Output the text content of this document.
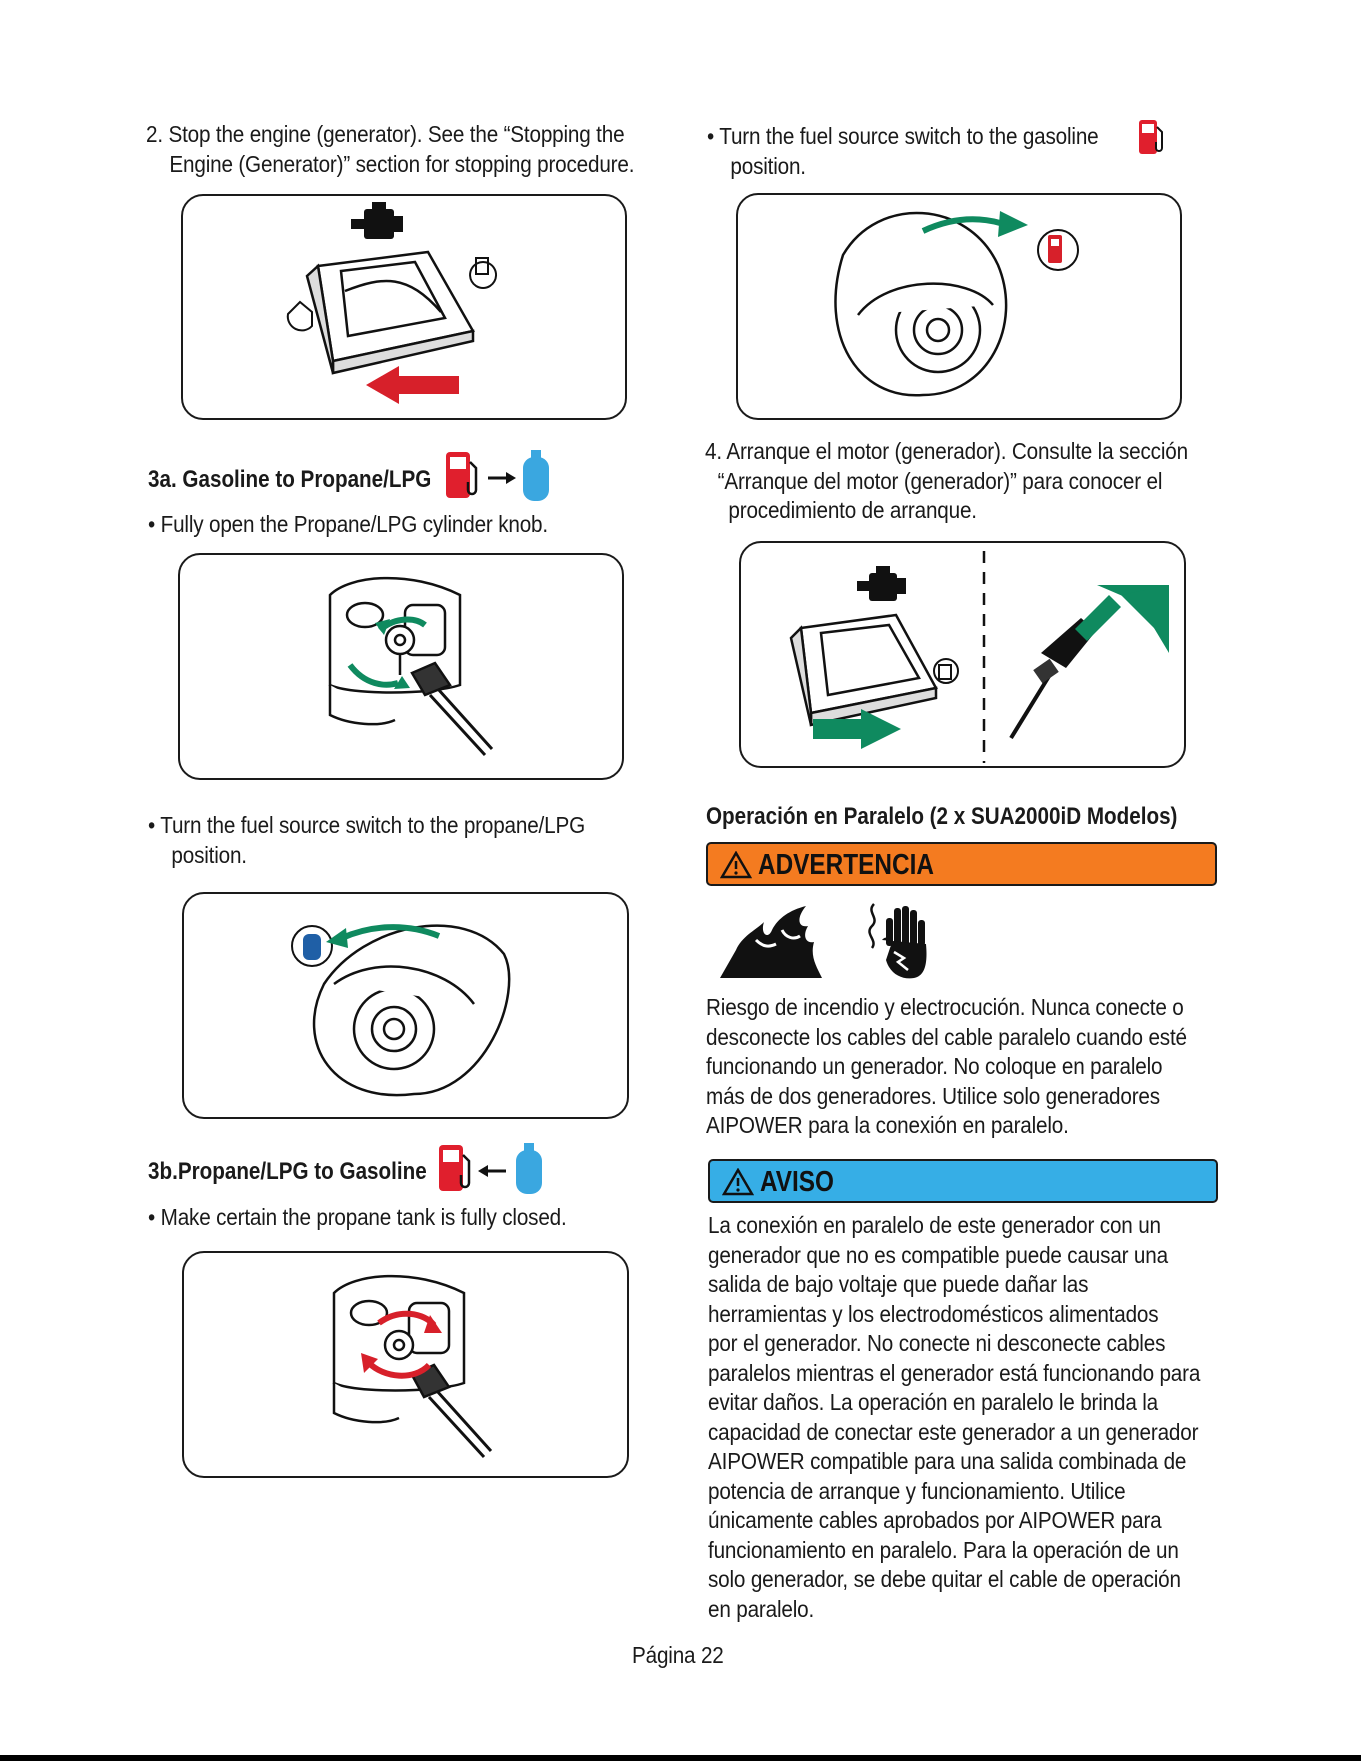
2. Stop the engine (generator). See the “Stopping the

Engine (Generator)” section for stopping procedure.

3a. Gasoline to Propane/LPG
• Fully open the Propane/LPG cylinder knob.

• Turn the fuel source switch to the propane/LPG

position.

3b.Propane/LPG to Gasoline
• Make certain the propane tank is fully closed.

• Turn the fuel source switch to the gasoline

position.

4. Arranque el motor (generador). Consulte la sección

“Arranque del motor (generador)” para conocer el

procedimiento de arranque.

Operación en Paralelo (2 x SUA2000iD Modelos)
ADVERTENCIA

Riesgo de incendio y electrocución. Nunca conecte o

desconecte los cables del cable paralelo cuando esté

funcionando un generador. No coloque en paralelo

más de dos generadores. Utilice solo generadores

AIPOWER para la conexión en paralelo.

AVISO

La conexión en paralelo de este generador con un

generador que no es compatible puede causar una

salida de bajo voltaje que puede dañar las

herramientas y los electrodomésticos alimentados

por el generador. No conecte ni desconecte cables

paralelos mientras el generador está funcionando para

evitar daños. La operación en paralelo le brinda la

capacidad de conectar este generador a un generador

AIPOWER compatible para una salida combinada de

potencia de arranque y funcionamiento. Utilice

únicamente cables aprobados por AIPOWER para

funcionamiento en paralelo. Para la operación de un

solo generador, se debe quitar el cable de operación

en paralelo.

Página 22
